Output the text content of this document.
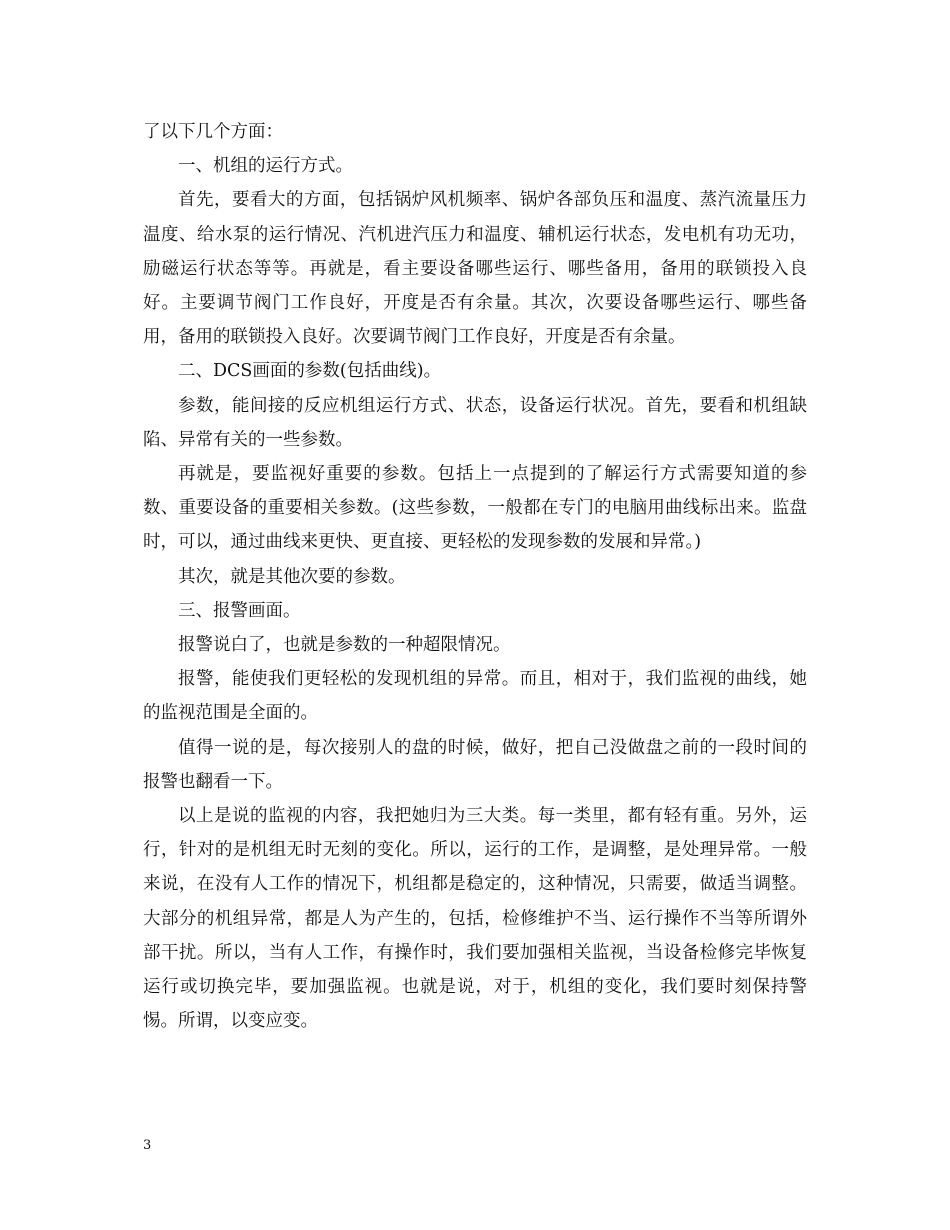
了以下几个方面：

一、机组的运行方式。

首先，要看大的方面，包括锅炉风机频率、锅炉各部负压和温度、蒸汽流量压力温度、给水泵的运行情况、汽机进汽压力和温度、辅机运行状态，发电机有功无功，励磁运行状态等等。再就是，看主要设备哪些运行、哪些备用，备用的联锁投入良好。主要调节阀门工作良好，开度是否有余量。其次，次要设备哪些运行、哪些备用，备用的联锁投入良好。次要调节阀门工作良好，开度是否有余量。

二、DCS画面的参数(包括曲线)。

参数，能间接的反应机组运行方式、状态，设备运行状况。首先，要看和机组缺陷、异常有关的一些参数。

再就是，要监视好重要的参数。包括上一点提到的了解运行方式需要知道的参数、重要设备的重要相关参数。(这些参数，一般都在专门的电脑用曲线标出来。监盘时，可以，通过曲线来更快、更直接、更轻松的发现参数的发展和异常。)

其次，就是其他次要的参数。

三、报警画面。

报警说白了，也就是参数的一种超限情况。

报警，能使我们更轻松的发现机组的异常。而且，相对于，我们监视的曲线，她的监视范围是全面的。

值得一说的是，每次接别人的盘的时候，做好，把自己没做盘之前的一段时间的报警也翻看一下。

以上是说的监视的内容，我把她归为三大类。每一类里，都有轻有重。另外，运行，针对的是机组无时无刻的变化。所以，运行的工作，是调整，是处理异常。一般来说，在没有人工作的情况下，机组都是稳定的，这种情况，只需要，做适当调整。大部分的机组异常，都是人为产生的，包括，检修维护不当、运行操作不当等所谓外部干扰。所以，当有人工作，有操作时，我们要加强相关监视，当设备检修完毕恢复运行或切换完毕，要加强监视。也就是说，对于，机组的变化，我们要时刻保持警惕。所谓，以变应变。

3
